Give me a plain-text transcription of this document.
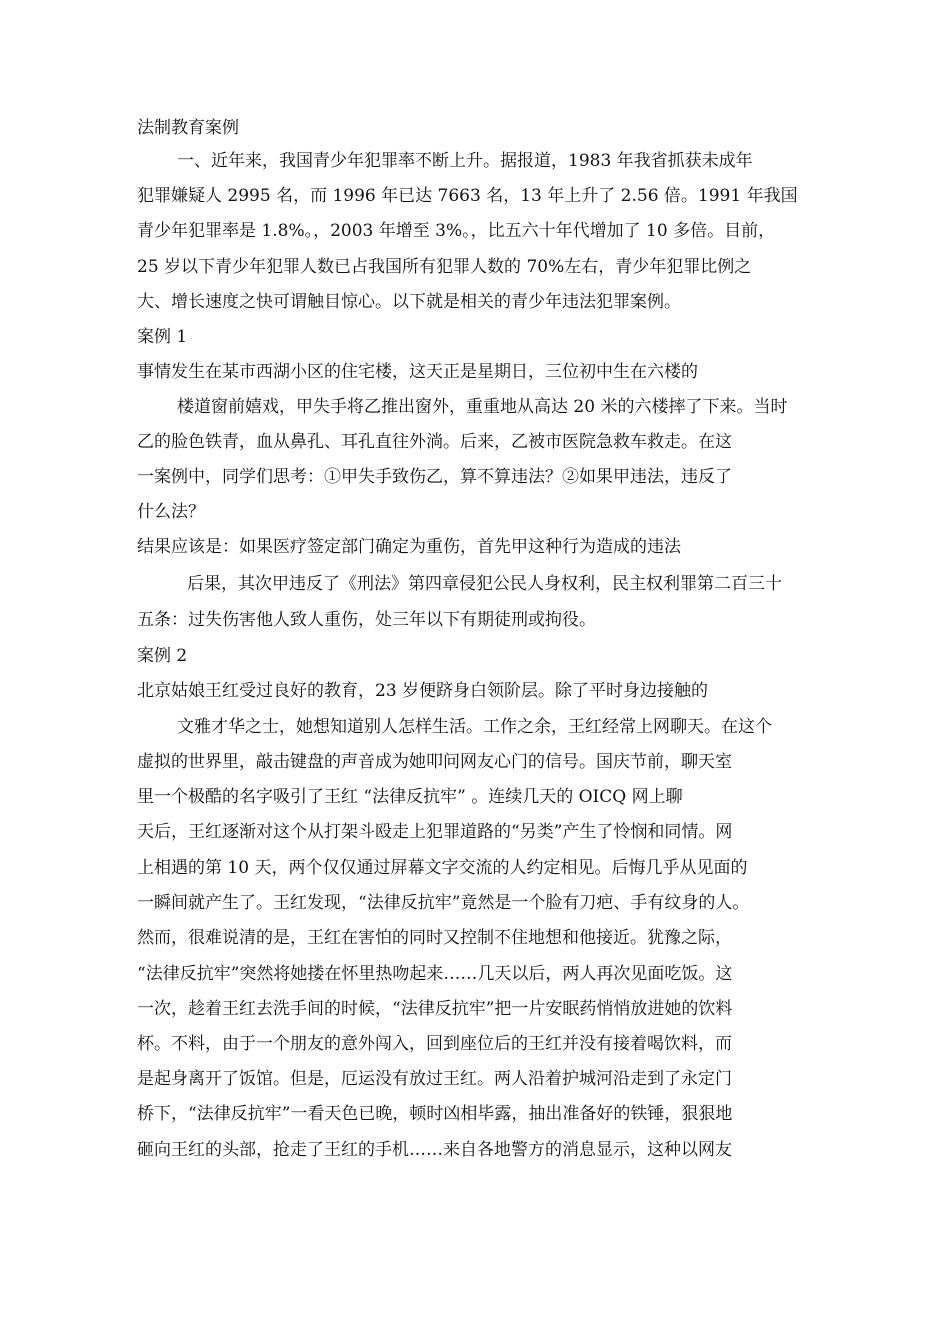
法制教育案例
一、近年来，我国青少年犯罪率不断上升。据报道，1983 年我省抓获未成年
犯罪嫌疑人 2995 名，而 1996 年已达 7663 名，13 年上升了 2.56 倍。1991 年我国
青少年犯罪率是 1.8%。，2003 年增至 3%。，比五六十年代增加了 10 多倍。目前，
25 岁以下青少年犯罪人数已占我国所有犯罪人数的 70%左右，青少年犯罪比例之
大、增长速度之快可谓触目惊心。以下就是相关的青少年违法犯罪案例。
案例 1
事情发生在某市西湖小区的住宅楼，这天正是星期日，三位初中生在六楼的
楼道窗前嬉戏，甲失手将乙推出窗外，重重地从高达 20 米的六楼摔了下来。当时
乙的脸色铁青，血从鼻孔、耳孔直往外淌。后来，乙被市医院急救车救走。在这
一案例中，同学们思考：①甲失手致伤乙，算不算违法？②如果甲违法，违反了
什么法？
结果应该是：如果医疗签定部门确定为重伤，首先甲这种行为造成的违法
后果，其次甲违反了《刑法》第四章侵犯公民人身权利，民主权利罪第二百三十
五条：过失伤害他人致人重伤，处三年以下有期徒刑或拘役。
案例 2
北京姑娘王红受过良好的教育，23 岁便跻身白领阶层。除了平时身边接触的
文雅才华之士，她想知道别人怎样生活。工作之余，王红经常上网聊天。在这个
虚拟的世界里，敲击键盘的声音成为她叩问网友心门的信号。国庆节前，聊天室
里一个极酷的名字吸引了王红 “法律反抗牢” 。连续几天的 OICQ 网上聊
天后，王红逐渐对这个从打架斗殴走上犯罪道路的“另类”产生了怜悯和同情。网
上相遇的第 10 天，两个仅仅通过屏幕文字交流的人约定相见。后悔几乎从见面的
一瞬间就产生了。王红发现，“法律反抗牢”竟然是一个脸有刀疤、手有纹身的人。
然而，很难说清的是，王红在害怕的同时又控制不住地想和他接近。犹豫之际，
“法律反抗牢”突然将她搂在怀里热吻起来……几天以后，两人再次见面吃饭。这
一次，趁着王红去洗手间的时候，“法律反抗牢”把一片安眠药悄悄放进她的饮料
杯。不料，由于一个朋友的意外闯入，回到座位后的王红并没有接着喝饮料，而
是起身离开了饭馆。但是，厄运没有放过王红。两人沿着护城河沿走到了永定门
桥下，“法律反抗牢”一看天色已晚，顿时凶相毕露，抽出准备好的铁锤，狠狠地
砸向王红的头部，抢走了王红的手机……来自各地警方的消息显示，这种以网友
